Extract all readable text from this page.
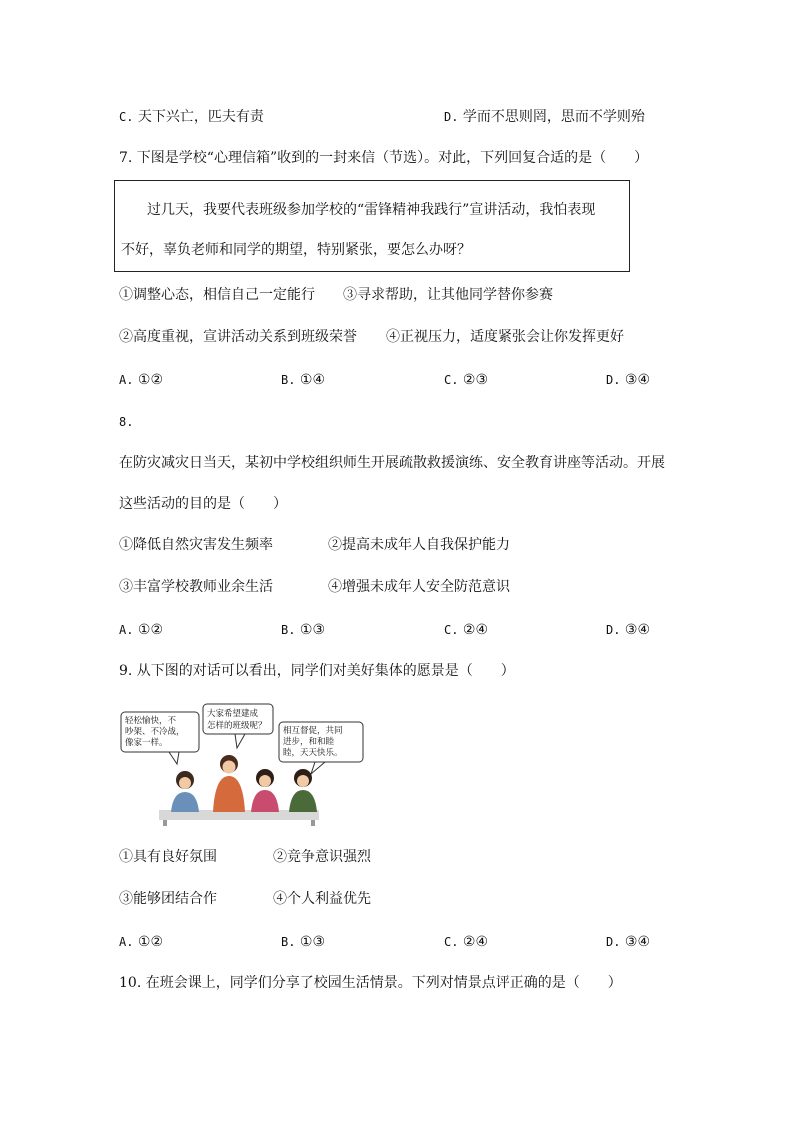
C. 天下兴亡，匹夫有责	D. 学而不思则罔，思而不学则殆
7. 下图是学校“心理信箱”收到的一封来信（节选）。对此，下列回复合适的是（　　）
过几天，我要代表班级参加学校的“雷锋精神我践行”宣讲活动，我怕表现
不好，辜负老师和同学的期望，特别紧张，要怎么办呀？
①调整心态，相信自己一定能行 ③寻求帮助，让其他同学替你参赛
②高度重视，宣讲活动关系到班级荣誉 ④正视压力，适度紧张会让你发挥更好
A. ①②	B. ①④	C. ②③	D. ③④
8.
在防灾减灾日当天，某初中学校组织师生开展疏散救援演练、安全教育讲座等活动。开展
这些活动的目的是（　　）
①降低自然灾害发生频率	②提高未成年人自我保护能力
③丰富学校教师业余生活	④增强未成年人安全防范意识
A. ①②	B. ①③	C. ②④	D. ③④
9. 从下图的对话可以看出，同学们对美好集体的愿景是（　　）
轻松愉快，不
吵架、不冷战，
像家一样。
大家希望建成
怎样的班级呢？ 相互督促，共同
进步，和和睦
睦，天天快乐。
①具有良好氛围	②竞争意识强烈
③能够团结合作	④个人利益优先
A. ①②	B. ①③	C. ②④	D. ③④
10. 在班会课上，同学们分享了校园生活情景。下列对情景点评正确的是（　　）
